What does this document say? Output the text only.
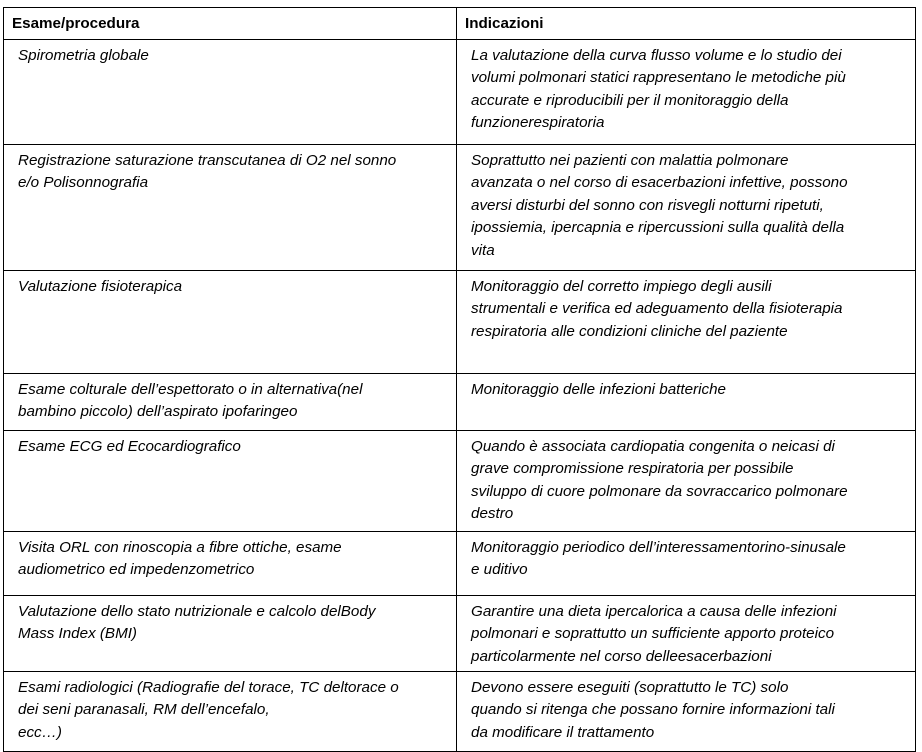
Esame/procedura	Indicazioni

Spirometria globale	La valutazione della curva flusso volume e lo studio dei
volumi polmonari statici rappresentano le metodiche più
accurate e riproducibili per il monitoraggio della
funzionerespiratoria

Registrazione saturazione transcutanea di O2 nel sonno
e/o Polisonnografia	Soprattutto nei pazienti con malattia polmonare
avanzata o nel corso di esacerbazioni infettive, possono
aversi disturbi del sonno con risvegli notturni ripetuti,
ipossiemia, ipercapnia e ripercussioni sulla qualità della
vita

Valutazione fisioterapica	Monitoraggio del corretto impiego degli ausili
strumentali e verifica ed adeguamento della fisioterapia
respiratoria alle condizioni cliniche del paziente

Esame colturale dell’espettorato o in alternativa(nel
bambino piccolo) dell’aspirato ipofaringeo	Monitoraggio delle infezioni batteriche

Esame ECG ed Ecocardiografico	Quando è associata cardiopatia congenita o neicasi di
grave compromissione respiratoria per possibile
sviluppo di cuore polmonare da sovraccarico polmonare
destro

Visita ORL con rinoscopia a fibre ottiche, esame
audiometrico ed impedenzometrico	Monitoraggio periodico dell’interessamentorino-sinusale
e uditivo

Valutazione dello stato nutrizionale e calcolo delBody
Mass Index (BMI)	Garantire una dieta ipercalorica a causa delle infezioni
polmonari e soprattutto un sufficiente apporto proteico
particolarmente nel corso delleesacerbazioni

Esami radiologici (Radiografie del torace, TC deltorace o
dei seni paranasali, RM dell’encefalo,
ecc…)	Devono essere eseguiti (soprattutto le TC) solo
quando si ritenga che possano fornire informazioni tali
da modificare il trattamento
